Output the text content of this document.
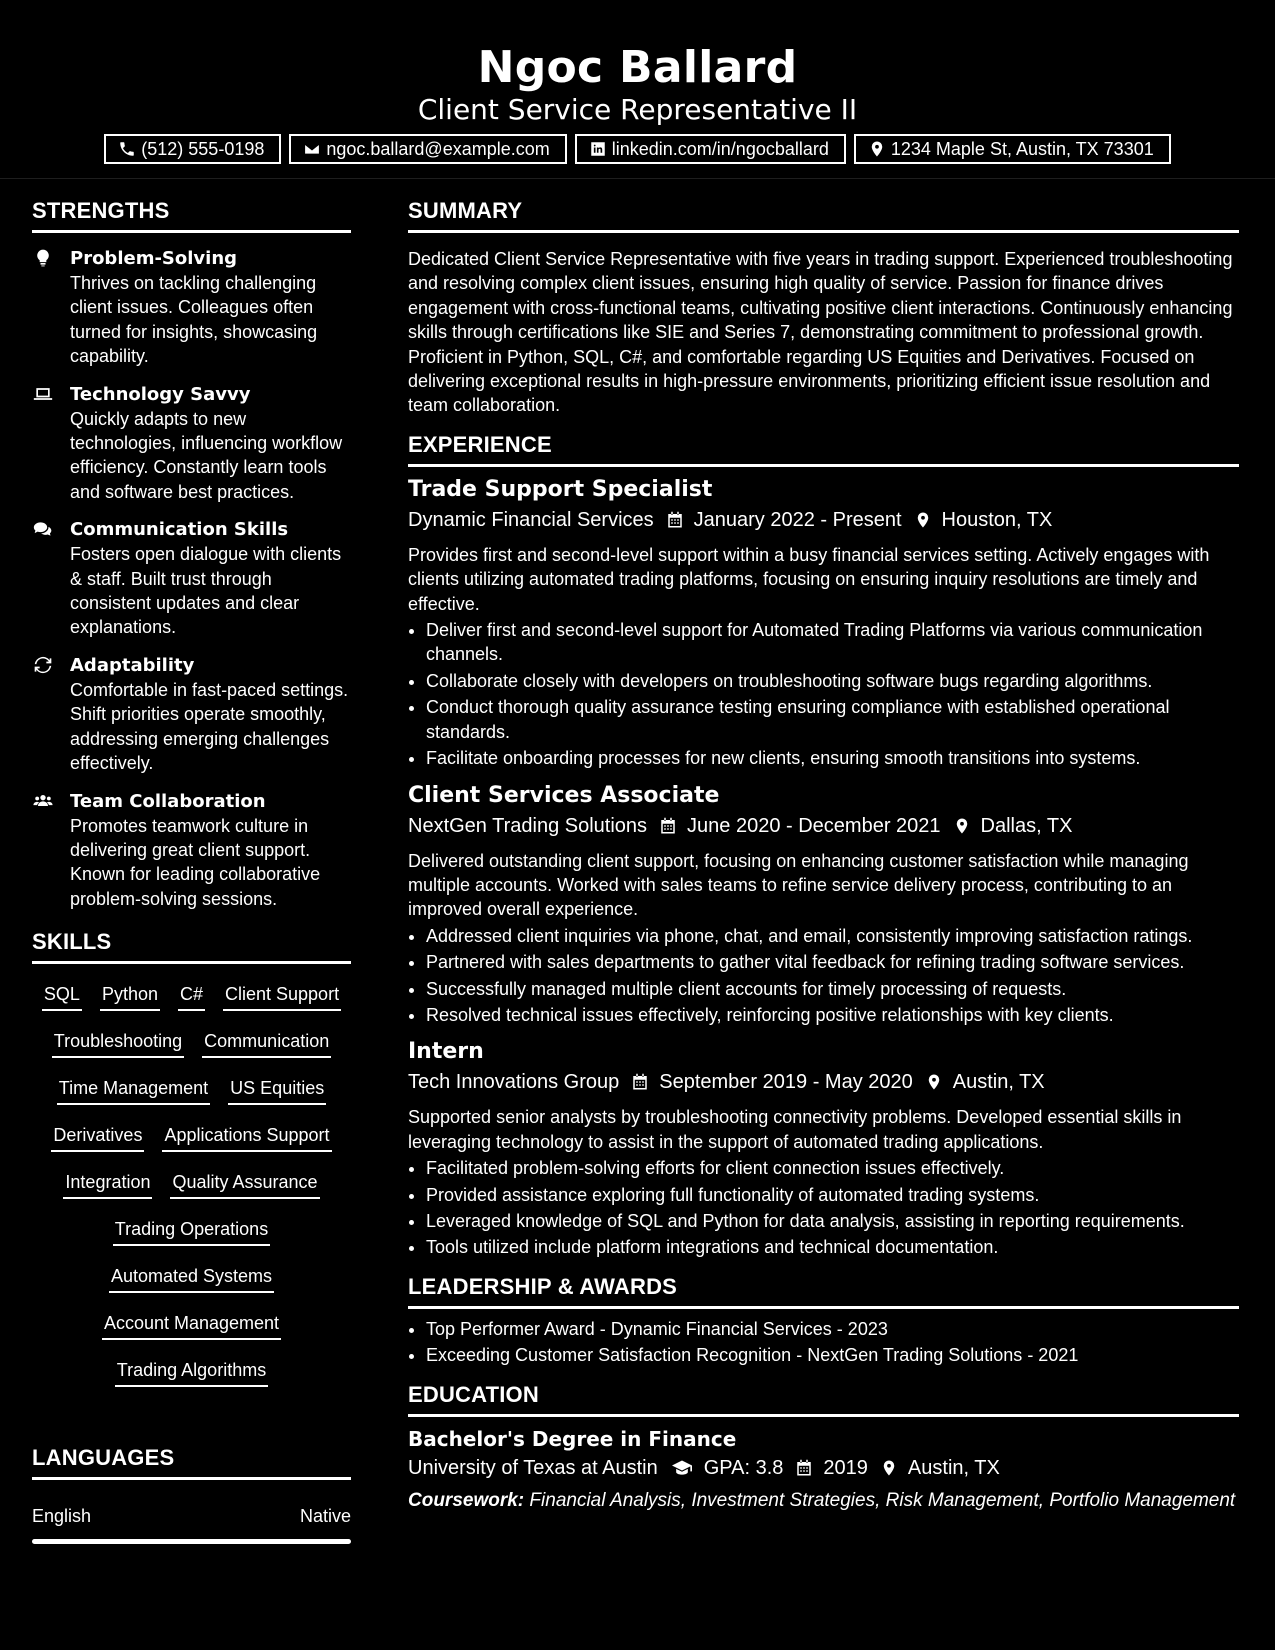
Ngoc Ballard
Client Service Representative II
(512) 555-0198	ngoc.ballard@example.com	linkedin.com/in/ngocballard	1234 Maple St, Austin, TX 73301
STRENGTHS
Problem-Solving
Thrives on tackling challenging client issues. Colleagues often turned for insights, showcasing capability.
Technology Savvy
Quickly adapts to new technologies, influencing workflow efficiency. Constantly learn tools and software best practices.
Communication Skills
Fosters open dialogue with clients & staff. Built trust through consistent updates and clear explanations.
Adaptability
Comfortable in fast-paced settings. Shift priorities operate smoothly, addressing emerging challenges effectively.
Team Collaboration
Promotes teamwork culture in delivering great client support. Known for leading collaborative problem-solving sessions.
SKILLS
SQL Python C# Client Support
Troubleshooting Communication
Time Management US Equities
Derivatives Applications Support
Integration Quality Assurance
Trading Operations
Automated Systems
Account Management
Trading Algorithms
LANGUAGES
English	Native
SUMMARY
Dedicated Client Service Representative with five years in trading support. Experienced troubleshooting and resolving complex client issues, ensuring high quality of service. Passion for finance drives engagement with cross-functional teams, cultivating positive client interactions. Continuously enhancing skills through certifications like SIE and Series 7, demonstrating commitment to professional growth. Proficient in Python, SQL, C#, and comfortable regarding US Equities and Derivatives. Focused on delivering exceptional results in high-pressure environments, prioritizing efficient issue resolution and team collaboration.
EXPERIENCE
Trade Support Specialist
Dynamic Financial Services January 2022 - Present Houston, TX
Provides first and second-level support within a busy financial services setting. Actively engages with clients utilizing automated trading platforms, focusing on ensuring inquiry resolutions are timely and effective.
• Deliver first and second-level support for Automated Trading Platforms via various communication channels.
• Collaborate closely with developers on troubleshooting software bugs regarding algorithms.
• Conduct thorough quality assurance testing ensuring compliance with established operational standards.
• Facilitate onboarding processes for new clients, ensuring smooth transitions into systems.
Client Services Associate
NextGen Trading Solutions June 2020 - December 2021 Dallas, TX
Delivered outstanding client support, focusing on enhancing customer satisfaction while managing multiple accounts. Worked with sales teams to refine service delivery process, contributing to an improved overall experience.
• Addressed client inquiries via phone, chat, and email, consistently improving satisfaction ratings.
• Partnered with sales departments to gather vital feedback for refining trading software services.
• Successfully managed multiple client accounts for timely processing of requests.
• Resolved technical issues effectively, reinforcing positive relationships with key clients.
Intern
Tech Innovations Group September 2019 - May 2020 Austin, TX
Supported senior analysts by troubleshooting connectivity problems. Developed essential skills in leveraging technology to assist in the support of automated trading applications.
• Facilitated problem-solving efforts for client connection issues effectively.
• Provided assistance exploring full functionality of automated trading systems.
• Leveraged knowledge of SQL and Python for data analysis, assisting in reporting requirements.
• Tools utilized include platform integrations and technical documentation.
LEADERSHIP & AWARDS
• Top Performer Award - Dynamic Financial Services - 2023
• Exceeding Customer Satisfaction Recognition - NextGen Trading Solutions - 2021
EDUCATION
Bachelor's Degree in Finance
University of Texas at Austin GPA: 3.8 2019 Austin, TX
Coursework: Financial Analysis, Investment Strategies, Risk Management, Portfolio Management
